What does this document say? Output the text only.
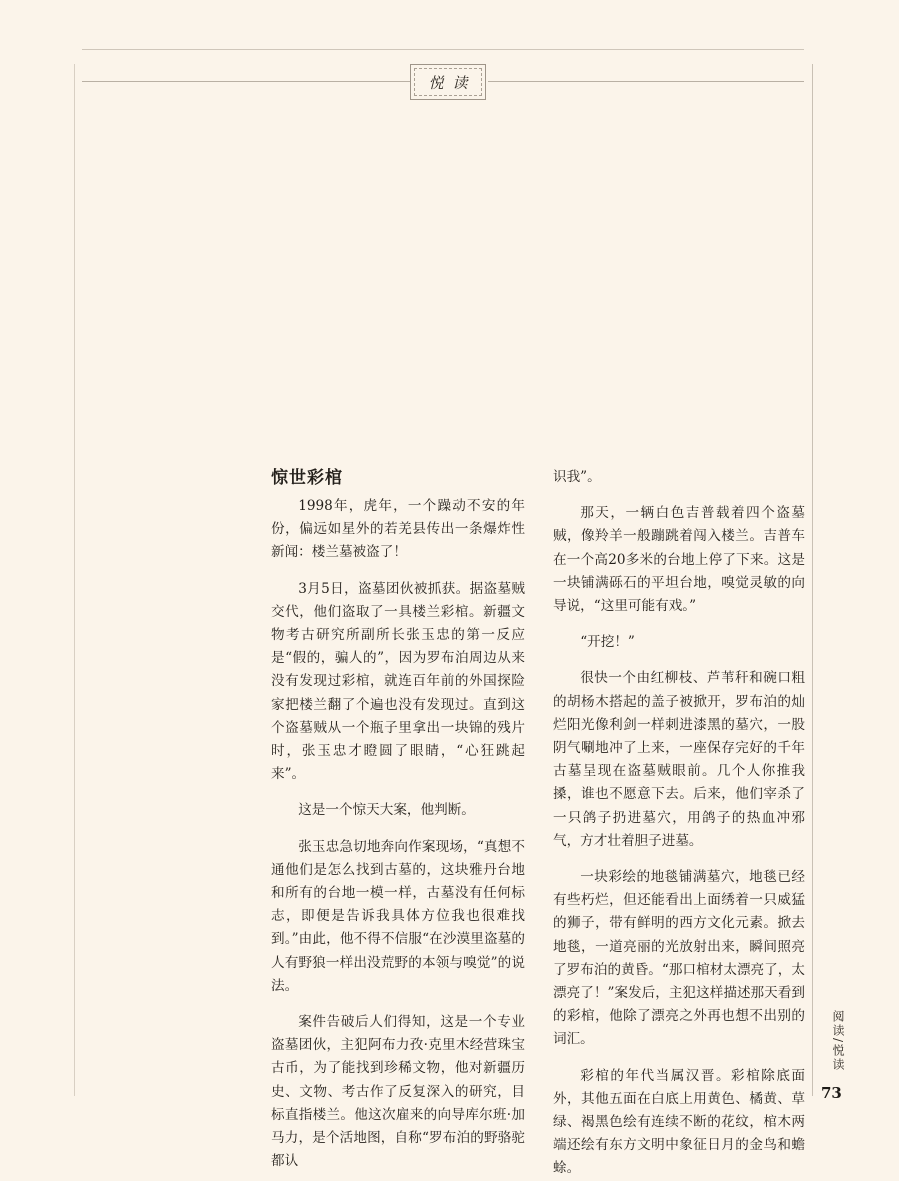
悦读
惊世彩棺

1998年，虎年，一个躁动不安的年份，偏远如星外的若羌县传出一条爆炸性新闻：楼兰墓被盗了！

3月5日，盗墓团伙被抓获。据盗墓贼交代，他们盗取了一具楼兰彩棺。新疆文物考古研究所副所长张玉忠的第一反应是“假的，骗人的”，因为罗布泊周边从来没有发现过彩棺，就连百年前的外国探险家把楼兰翻了个遍也没有发现过。直到这个盗墓贼从一个瓶子里拿出一块锦的残片时，张玉忠才瞪圆了眼睛，“心狂跳起来”。

这是一个惊天大案，他判断。

张玉忠急切地奔向作案现场，“真想不通他们是怎么找到古墓的，这块雅丹台地和所有的台地一模一样，古墓没有任何标志，即便是告诉我具体方位我也很难找到。”由此，他不得不信服“在沙漠里盗墓的人有野狼一样出没荒野的本领与嗅觉”的说法。

案件告破后人们得知，这是一个专业盗墓团伙，主犯阿布力孜·克里木经营珠宝古币，为了能找到珍稀文物，他对新疆历史、文物、考古作了反复深入的研究，目标直指楼兰。他这次雇来的向导库尔班·加马力，是个活地图，自称“罗布泊的野骆驼都认

识我”。

那天，一辆白色吉普载着四个盗墓贼，像羚羊一般蹦跳着闯入楼兰。吉普车在一个高20多米的台地上停了下来。这是一块铺满砾石的平坦台地，嗅觉灵敏的向导说，“这里可能有戏。”

“开挖！”

很快一个由红柳枝、芦苇秆和碗口粗的胡杨木搭起的盖子被掀开，罗布泊的灿烂阳光像利剑一样刺进漆黑的墓穴，一股阴气唰地冲了上来，一座保存完好的千年古墓呈现在盗墓贼眼前。几个人你推我搡，谁也不愿意下去。后来，他们宰杀了一只鸽子扔进墓穴，用鸽子的热血冲邪气，方才壮着胆子进墓。

一块彩绘的地毯铺满墓穴，地毯已经有些朽烂，但还能看出上面绣着一只威猛的狮子，带有鲜明的西方文化元素。掀去地毯，一道亮丽的光放射出来，瞬间照亮了罗布泊的黄昏。“那口棺材太漂亮了，太漂亮了！”案发后，主犯这样描述那天看到的彩棺，他除了漂亮之外再也想不出别的词汇。

彩棺的年代当属汉晋。彩棺除底面外，其他五面在白底上用黄色、橘黄、草绿、褐黑色绘有连续不断的花纹，棺木两端还绘有东方文明中象征日月的金鸟和蟾蜍。

阅读/悦读
73
